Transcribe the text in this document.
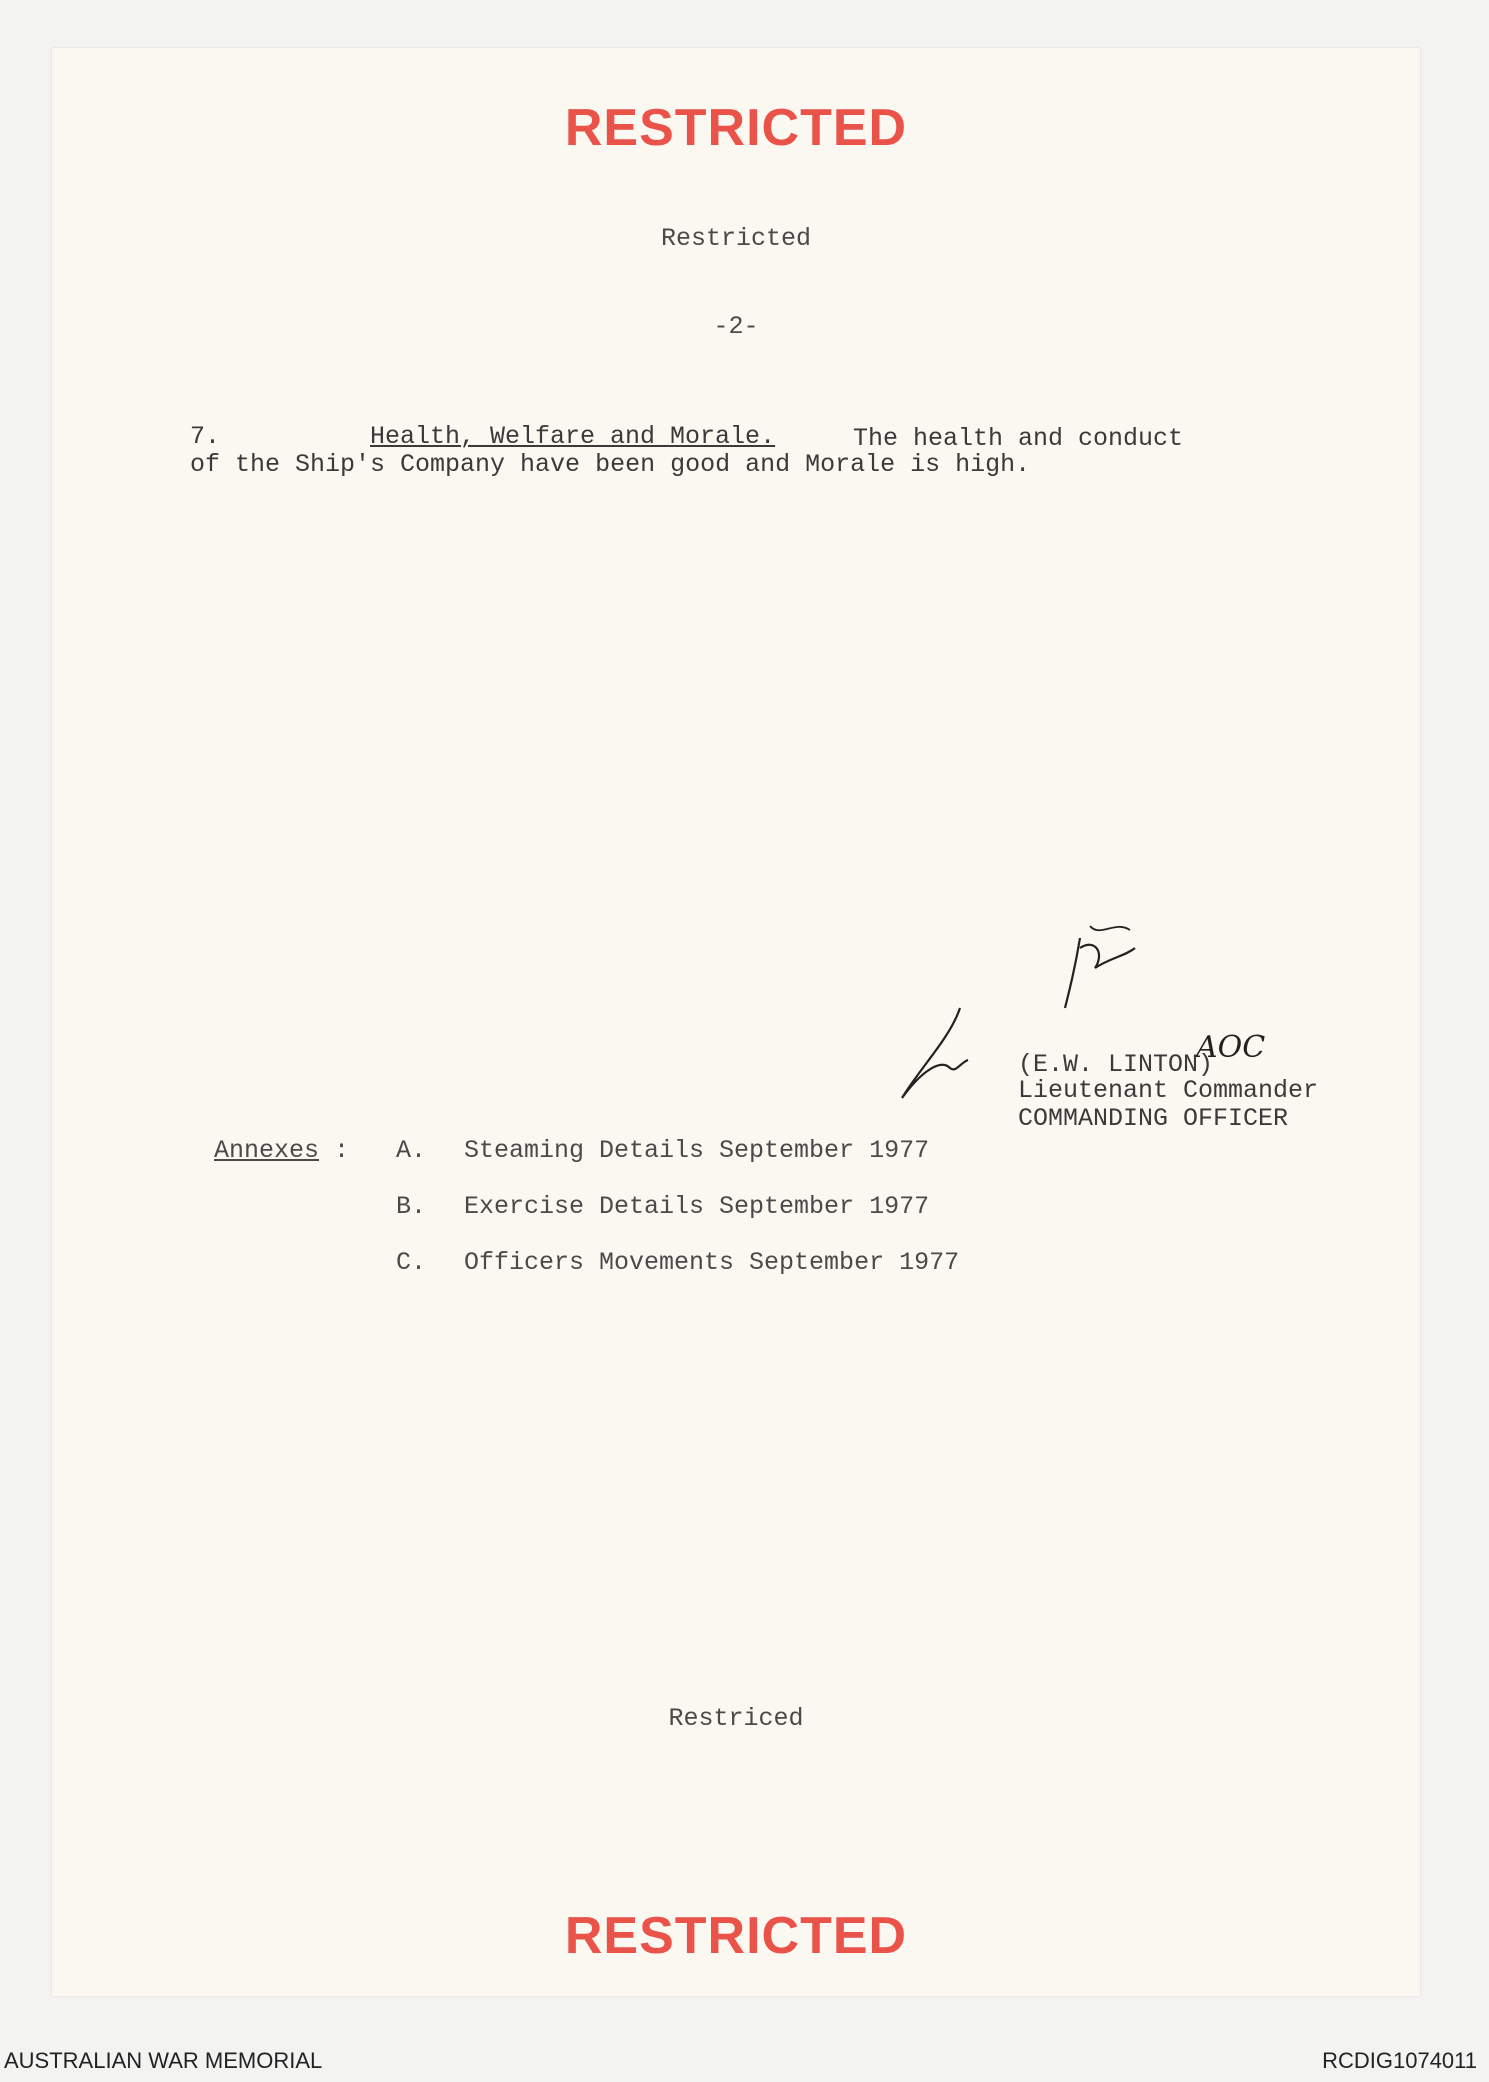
RESTRICTED
Restricted
-2-
7.	Health, Welfare and Morale.	The health and conduct
of the Ship's Company have been good and Morale is high.
AOC
(E.W. LINTON)
Lieutenant Commander
COMMANDING OFFICER
Annexes : A. Steaming Details September 1977
B. Exercise Details September 1977
C. Officers Movements September 1977
Restriced
RESTRICTED
AUSTRALIAN WAR MEMORIAL	RCDIG1074011
